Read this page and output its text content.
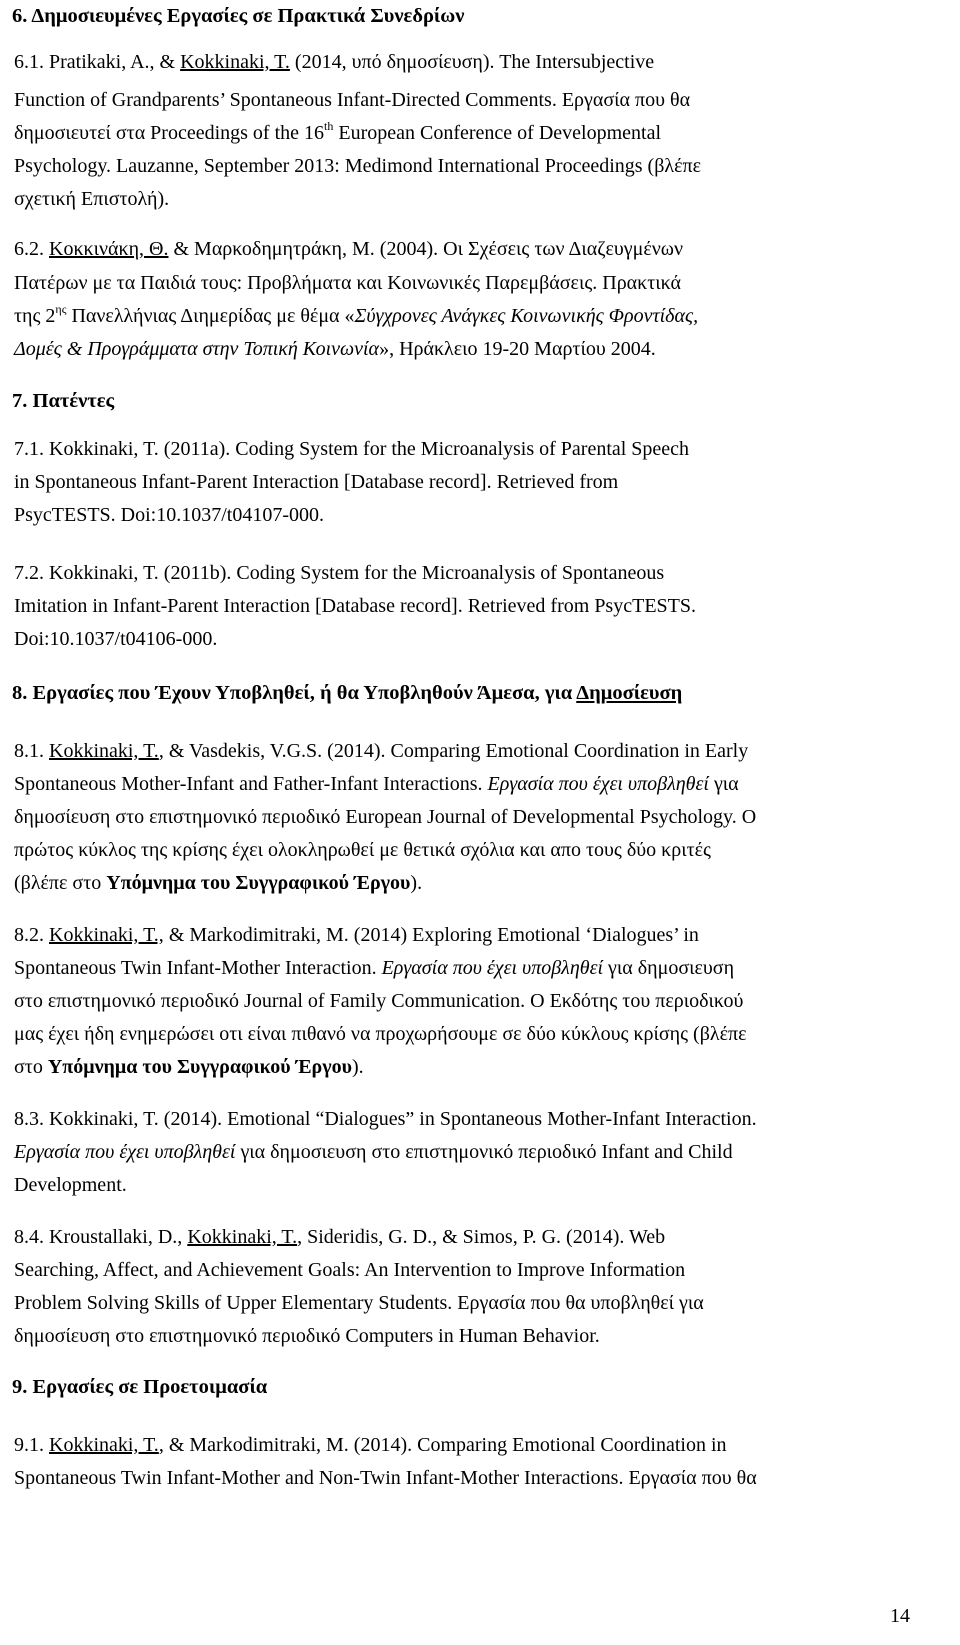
6. Δημοσιευμένες Εργασίες σε Πρακτικά Συνεδρίων
6.1. Pratikaki, A., & Kokkinaki, T. (2014, υπό δημοσίευση). The Intersubjective
Function of Grandparents’ Spontaneous Infant-Directed Comments. Εργασία που θα
δημοσιευτεί στα Proceedings of the 16th European Conference of Developmental
Psychology. Lauzanne, September 2013: Medimond International Proceedings (βλέπε
σχετική Επιστολή).
6.2. Κοκκινάκη, Θ. & Μαρκοδημητράκη, Μ. (2004). Οι Σχέσεις των Διαζευγμένων
Πατέρων με τα Παιδιά τους: Προβλήματα και Κοινωνικές Παρεμβάσεις. Πρακτικά
της $2^{\eta\varsigma}$ Πανελλήνιας Διημερίδας με θέμα «Σύγχρονες Ανάγκες Κοινωνικής Φροντίδας,
Δομές & Προγράμματα στην Τοπική Κοινωνία», Ηράκλειο 19-20 Μαρτίου 2004.
7. Πατέντες
7.1. Kokkinaki, T. (2011a). Coding System for the Microanalysis of Parental Speech
in Spontaneous Infant-Parent Interaction [Database record]. Retrieved from
PsycTESTS. Doi:10.1037/t04107-000.
7.2. Kokkinaki, T. (2011b). Coding System for the Microanalysis of Spontaneous
Imitation in Infant-Parent Interaction [Database record]. Retrieved from PsycTESTS.
Doi:10.1037/t04106-000.
8. Εργασίες που Έχουν Υποβληθεί, ή θα Υποβληθούν Άμεσα, για Δημοσίευση
8.1. Kokkinaki, T., & Vasdekis, V.G.S. (2014). Comparing Emotional Coordination in Early
Spontaneous Mother-Infant and Father-Infant Interactions. Εργασία που έχει υποβληθεί για
δημοσίευση στο επιστημονικό περιοδικό European Journal of Developmental Psychology. Ο
πρώτος κύκλος της κρίσης έχει ολοκληρωθεί με θετικά σχόλια και απο τους δύο κριτές
(βλέπε στο Υπόμνημα του Συγγραφικού Έργου).
8.2. Kokkinaki, T., & Markodimitraki, M. (2014) Exploring Emotional ‘Dialogues’ in
Spontaneous Twin Infant-Mother Interaction. Εργασία που έχει υποβληθεί για δημοσιευση
στο επιστημονικό περιοδικό Journal of Family Communication. Ο Εκδότης του περιοδικού
μας έχει ήδη ενημερώσει οτι είναι πιθανό να προχωρήσουμε σε δύο κύκλους κρίσης (βλέπε
στο Υπόμνημα του Συγγραφικού Έργου).
8.3. Kokkinaki, T. (2014). Emotional “Dialogues” in Spontaneous Mother-Infant Interaction.
Εργασία που έχει υποβληθεί για δημοσιευση στο επιστημονικό περιοδικό Infant and Child
Development.
8.4. Kroustallaki, D., Kokkinaki, T., Sideridis, G. D., & Simos, P. G. (2014). Web
Searching, Affect, and Achievement Goals: An Intervention to Improve Information
Problem Solving Skills of Upper Elementary Students. Εργασία που θα υποβληθεί για
δημοσίευση στο επιστημονικό περιοδικό Computers in Human Behavior.
9. Εργασίες σε Προετοιμασία
9.1. Kokkinaki, T., & Markodimitraki, M. (2014). Comparing Emotional Coordination in
Spontaneous Twin Infant-Mother and Non-Twin Infant-Mother Interactions. Εργασία που θα
14
